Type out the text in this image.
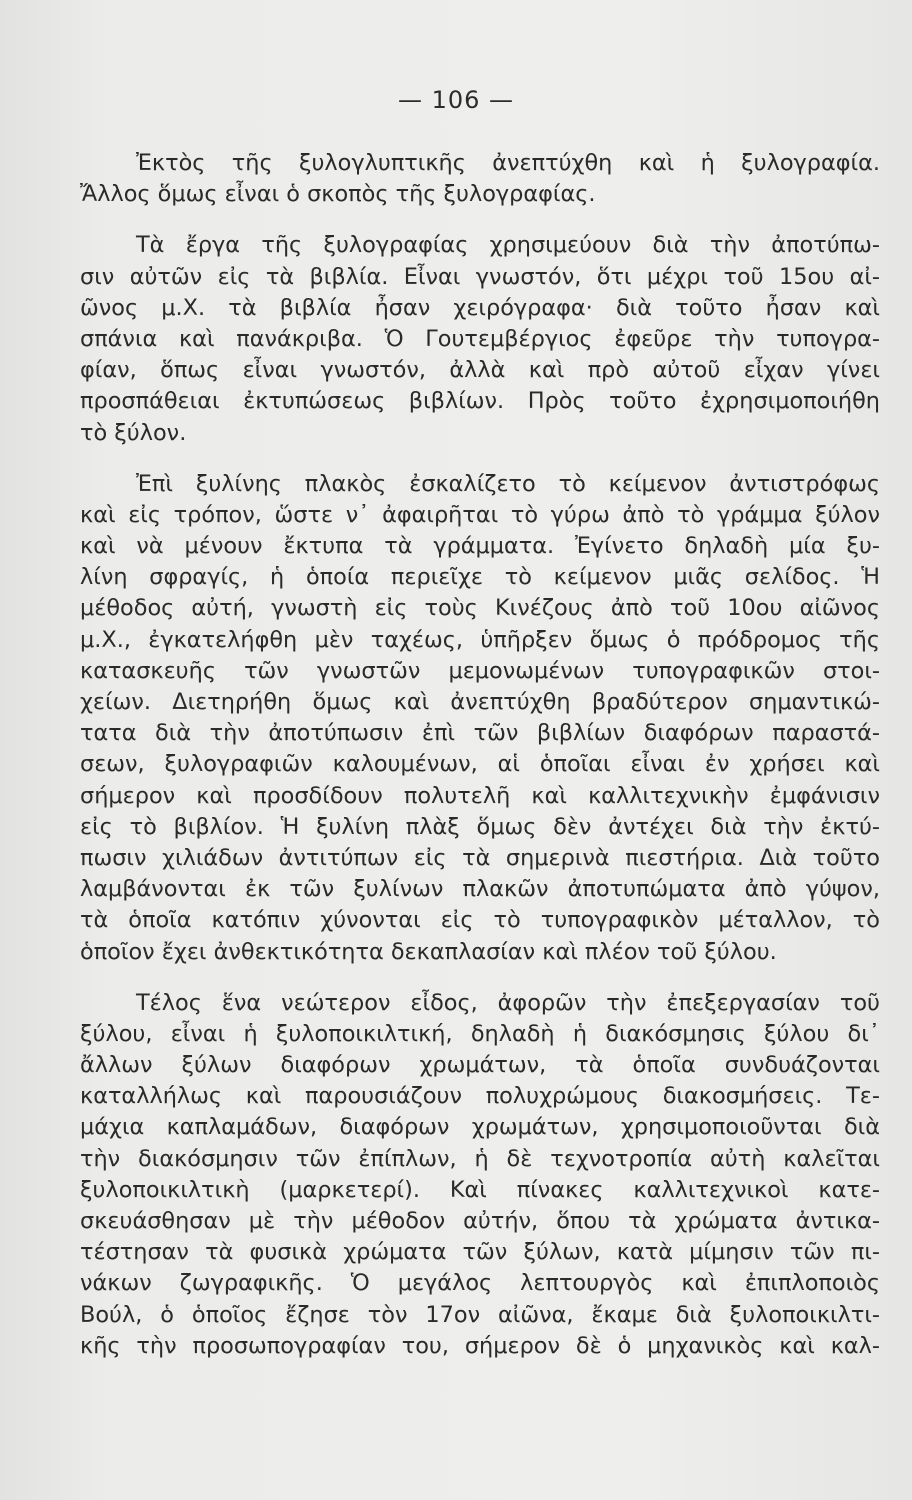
— 106 —
Ἐκτὸς τῆς ξυλογλυπτικῆς ἀνεπτύχθη καὶ ἡ ξυλογραφία.
Ἄλλος ὅμως εἶναι ὁ σκοπὸς τῆς ξυλογραφίας.
Τὰ ἔργα τῆς ξυλογραφίας χρησιμεύουν διὰ τὴν ἀποτύπω-
σιν αὐτῶν εἰς τὰ βιβλία. Εἶναι γνωστόν, ὅτι μέχρι τοῦ 15ου αἰ-
ῶνος μ.Χ. τὰ βιβλία ἦσαν χειρόγραφα· διὰ τοῦτο ἦσαν καὶ
σπάνια καὶ πανάκριβα. Ὁ Γουτεμβέργιος ἐφεῦρε τὴν τυπογρα-
φίαν, ὅπως εἶναι γνωστόν, ἀλλὰ καὶ πρὸ αὐτοῦ εἶχαν γίνει
προσπάθειαι ἐκτυπώσεως βιβλίων. Πρὸς τοῦτο ἐχρησιμοποιήθη
τὸ ξύλον.
Ἐπὶ ξυλίνης πλακὸς ἐσκαλίζετο τὸ κείμενον ἀντιστρόφως
καὶ εἰς τρόπον, ὥστε ν᾽ ἀφαιρῆται τὸ γύρω ἀπὸ τὸ γράμμα ξύλον
καὶ νὰ μένουν ἔκτυπα τὰ γράμματα. Ἐγίνετο δηλαδὴ μία ξυ-
λίνη σφραγίς, ἡ ὁποία περιεῖχε τὸ κείμενον μιᾶς σελίδος. Ἡ
μέθοδος αὐτή, γνωστὴ εἰς τοὺς Κινέζους ἀπὸ τοῦ 10ου αἰῶνος
μ.Χ., ἐγκατελήφθη μὲν ταχέως, ὑπῆρξεν ὅμως ὁ πρόδρομος τῆς
κατασκευῆς τῶν γνωστῶν μεμονωμένων τυπογραφικῶν στοι-
χείων. Διετηρήθη ὅμως καὶ ἀνεπτύχθη βραδύτερον σημαντικώ-
τατα διὰ τὴν ἀποτύπωσιν ἐπὶ τῶν βιβλίων διαφόρων παραστά-
σεων, ξυλογραφιῶν καλουμένων, αἱ ὁποῖαι εἶναι ἐν χρήσει καὶ
σήμερον καὶ προσδίδουν πολυτελῆ καὶ καλλιτεχνικὴν ἐμφάνισιν
εἰς τὸ βιβλίον. Ἡ ξυλίνη πλὰξ ὅμως δὲν ἀντέχει διὰ τὴν ἐκτύ-
πωσιν χιλιάδων ἀντιτύπων εἰς τὰ σημερινὰ πιεστήρια. Διὰ τοῦτο
λαμβάνονται ἐκ τῶν ξυλίνων πλακῶν ἀποτυπώματα ἀπὸ γύψον,
τὰ ὁποῖα κατόπιν χύνονται εἰς τὸ τυπογραφικὸν μέταλλον, τὸ
ὁποῖον ἔχει ἀνθεκτικότητα δεκαπλασίαν καὶ πλέον τοῦ ξύλου.
Τέλος ἕνα νεώτερον εἶδος, ἀφορῶν τὴν ἐπεξεργασίαν τοῦ
ξύλου, εἶναι ἡ ξυλοποικιλτική, δηλαδὴ ἡ διακόσμησις ξύλου δι᾽
ἄλλων ξύλων διαφόρων χρωμάτων, τὰ ὁποῖα συνδυάζονται
καταλλήλως καὶ παρουσιάζουν πολυχρώμους διακοσμήσεις. Τε-
μάχια καπλαμάδων, διαφόρων χρωμάτων, χρησιμοποιοῦνται διὰ
τὴν διακόσμησιν τῶν ἐπίπλων, ἡ δὲ τεχνοτροπία αὐτὴ καλεῖται
ξυλοποικιλτικὴ (μαρκετερί). Καὶ πίνακες καλλιτεχνικοὶ κατε-
σκευάσθησαν μὲ τὴν μέθοδον αὐτήν, ὅπου τὰ χρώματα ἀντικα-
τέστησαν τὰ φυσικὰ χρώματα τῶν ξύλων, κατὰ μίμησιν τῶν πι-
νάκων ζωγραφικῆς. Ὁ μεγάλος λεπτουργὸς καὶ ἐπιπλοποιὸς
Βούλ, ὁ ὁποῖος ἔζησε τὸν 17ον αἰῶνα, ἔκαμε διὰ ξυλοποικιλτι-
κῆς τὴν προσωπογραφίαν του, σήμερον δὲ ὁ μηχανικὸς καὶ καλ-
